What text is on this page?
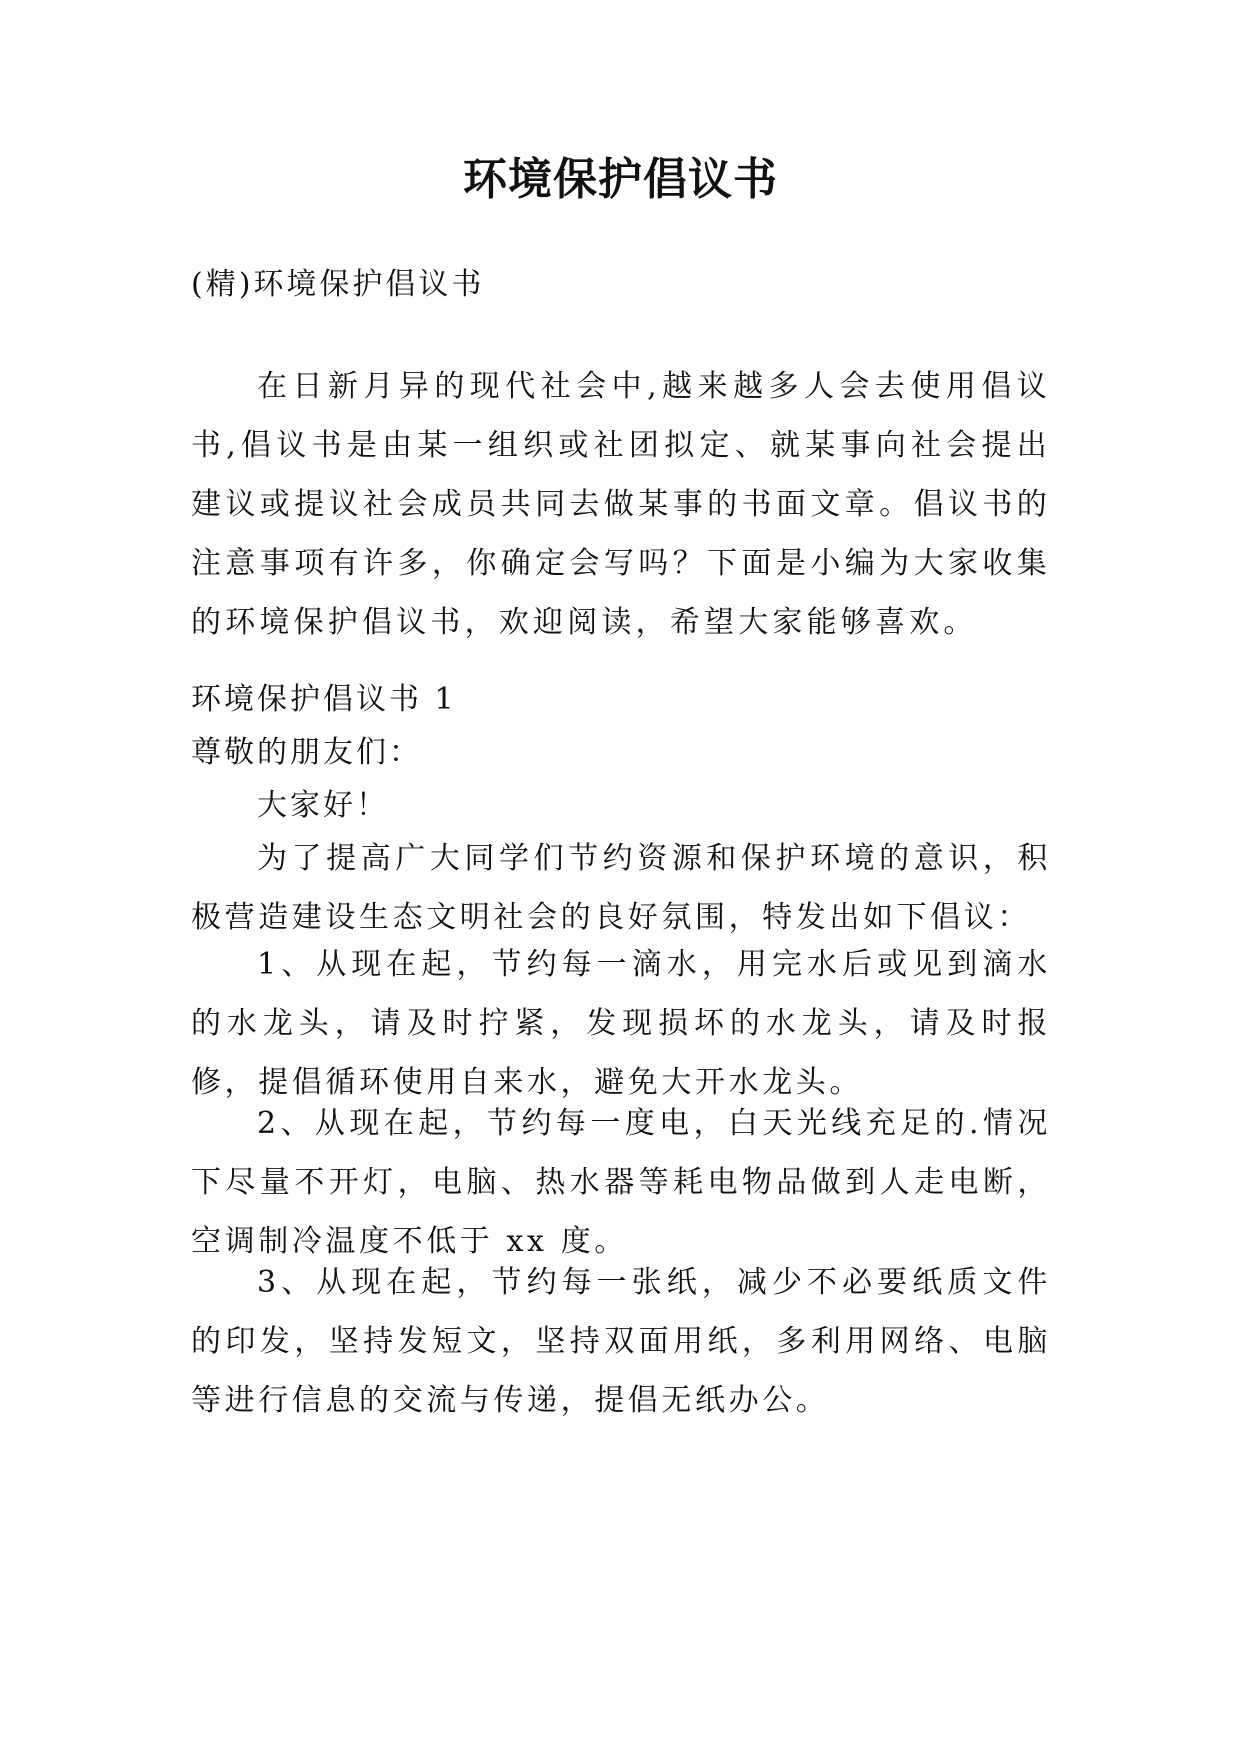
环境保护倡议书

(精)环境保护倡议书

在日新月异的现代社会中,越来越多人会去使用倡议书,倡议书是由某一组织或社团拟定、就某事向社会提出建议或提议社会成员共同去做某事的书面文章。倡议书的注意事项有许多，你确定会写吗？下面是小编为大家收集的环境保护倡议书，欢迎阅读，希望大家能够喜欢。

环境保护倡议书 1

尊敬的朋友们：

大家好！

为了提高广大同学们节约资源和保护环境的意识，积极营造建设生态文明社会的良好氛围，特发出如下倡议：

1、从现在起，节约每一滴水，用完水后或见到滴水的水龙头，请及时拧紧，发现损坏的水龙头，请及时报修，提倡循环使用自来水，避免大开水龙头。

2、从现在起，节约每一度电，白天光线充足的.情况下尽量不开灯，电脑、热水器等耗电物品做到人走电断，空调制冷温度不低于 xx 度。

3、从现在起，节约每一张纸，减少不必要纸质文件的印发，坚持发短文，坚持双面用纸，多利用网络、电脑等进行信息的交流与传递，提倡无纸办公。
